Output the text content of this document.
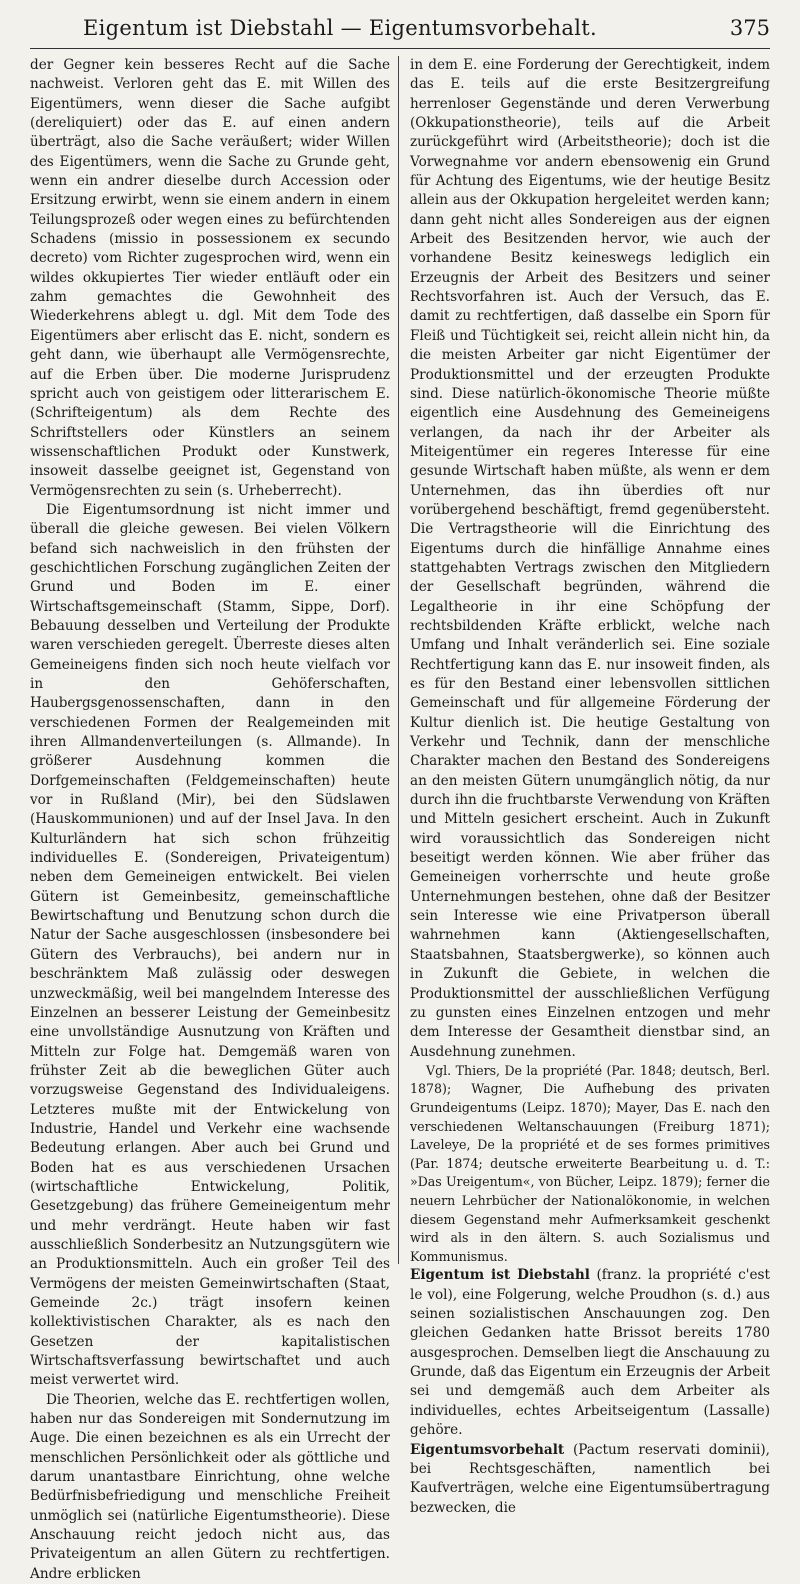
Eigentum ist Diebstahl — Eigentumsvorbehalt.	375

der Gegner kein besseres Recht auf die Sache nachweist. Verloren geht das E. mit Willen des Eigentümers, wenn dieser die Sache aufgibt (dereliquiert) oder das E. auf einen andern überträgt, also die Sache veräußert; wider Willen des Eigentümers, wenn die Sache zu Grunde geht, wenn ein andrer dieselbe durch Accession oder Ersitzung erwirbt, wenn sie einem andern in einem Teilungsprozeß oder wegen eines zu befürchtenden Schadens (missio in possessionem ex secundo decreto) vom Richter zugesprochen wird, wenn ein wildes okkupiertes Tier wieder entläuft oder ein zahm gemachtes die Gewohnheit des Wiederkehrens ablegt u. dgl. Mit dem Tode des Eigentümers aber erlischt das E. nicht, sondern es geht dann, wie überhaupt alle Vermögensrechte, auf die Erben über. Die moderne Jurisprudenz spricht auch von geistigem oder litterarischem E. (Schrifteigentum) als dem Rechte des Schriftstellers oder Künstlers an seinem wissenschaftlichen Produkt oder Kunstwerk, insoweit dasselbe geeignet ist, Gegenstand von Vermögensrechten zu sein (s. Urheberrecht).

Die Eigentumsordnung ist nicht immer und überall die gleiche gewesen. Bei vielen Völkern befand sich nachweislich in den frühsten der geschichtlichen Forschung zugänglichen Zeiten der Grund und Boden im E. einer Wirtschaftsgemeinschaft (Stamm, Sippe, Dorf). Bebauung desselben und Verteilung der Produkte waren verschieden geregelt. Überreste dieses alten Gemeineigens finden sich noch heute vielfach vor in den Gehöferschaften, Haubergsgenossenschaften, dann in den verschiedenen Formen der Realgemeinden mit ihren Allmandenverteilungen (s. Allmande). In größerer Ausdehnung kommen die Dorfgemeinschaften (Feldgemeinschaften) heute vor in Rußland (Mir), bei den Südslawen (Hauskommunionen) und auf der Insel Java. In den Kulturländern hat sich schon frühzeitig individuelles E. (Sondereigen, Privateigentum) neben dem Gemeineigen entwickelt. Bei vielen Gütern ist Gemeinbesitz, gemeinschaftliche Bewirtschaftung und Benutzung schon durch die Natur der Sache ausgeschlossen (insbesondere bei Gütern des Verbrauchs), bei andern nur in beschränktem Maß zulässig oder deswegen unzweckmäßig, weil bei mangelndem Interesse des Einzelnen an besserer Leistung der Gemeinbesitz eine unvollständige Ausnutzung von Kräften und Mitteln zur Folge hat. Demgemäß waren von frühster Zeit ab die beweglichen Güter auch vorzugsweise Gegenstand des Individualeigens. Letzteres mußte mit der Entwickelung von Industrie, Handel und Verkehr eine wachsende Bedeutung erlangen. Aber auch bei Grund und Boden hat es aus verschiedenen Ursachen (wirtschaftliche Entwickelung, Politik, Gesetzgebung) das frühere Gemeineigentum mehr und mehr verdrängt. Heute haben wir fast ausschließlich Sonderbesitz an Nutzungsgütern wie an Produktionsmitteln. Auch ein großer Teil des Vermögens der meisten Gemeinwirtschaften (Staat, Gemeinde 2c.) trägt insofern keinen kollektivistischen Charakter, als es nach den Gesetzen der kapitalistischen Wirtschaftsverfassung bewirtschaftet und auch meist verwertet wird.

Die Theorien, welche das E. rechtfertigen wollen, haben nur das Sondereigen mit Sondernutzung im Auge. Die einen bezeichnen es als ein Urrecht der menschlichen Persönlichkeit oder als göttliche und darum unantastbare Einrichtung, ohne welche Bedürfnisbefriedigung und menschliche Freiheit unmöglich sei (natürliche Eigentumstheorie). Diese Anschauung reicht jedoch nicht aus, das Privateigentum an allen Gütern zu rechtfertigen. Andre erblicken

in dem E. eine Forderung der Gerechtigkeit, indem das E. teils auf die erste Besitzergreifung herrenloser Gegenstände und deren Verwerbung (Okkupationstheorie), teils auf die Arbeit zurückgeführt wird (Arbeitstheorie); doch ist die Vorwegnahme vor andern ebensowenig ein Grund für Achtung des Eigentums, wie der heutige Besitz allein aus der Okkupation hergeleitet werden kann; dann geht nicht alles Sondereigen aus der eignen Arbeit des Besitzenden hervor, wie auch der vorhandene Besitz keineswegs lediglich ein Erzeugnis der Arbeit des Besitzers und seiner Rechtsvorfahren ist. Auch der Versuch, das E. damit zu rechtfertigen, daß dasselbe ein Sporn für Fleiß und Tüchtigkeit sei, reicht allein nicht hin, da die meisten Arbeiter gar nicht Eigentümer der Produktionsmittel und der erzeugten Produkte sind. Diese natürlich-ökonomische Theorie müßte eigentlich eine Ausdehnung des Gemeineigens verlangen, da nach ihr der Arbeiter als Miteigentümer ein regeres Interesse für eine gesunde Wirtschaft haben müßte, als wenn er dem Unternehmen, das ihn überdies oft nur vorübergehend beschäftigt, fremd gegenübersteht. Die Vertragstheorie will die Einrichtung des Eigentums durch die hinfällige Annahme eines stattgehabten Vertrags zwischen den Mitgliedern der Gesellschaft begründen, während die Legaltheorie in ihr eine Schöpfung der rechtsbildenden Kräfte erblickt, welche nach Umfang und Inhalt veränderlich sei. Eine soziale Rechtfertigung kann das E. nur insoweit finden, als es für den Bestand einer lebensvollen sittlichen Gemeinschaft und für allgemeine Förderung der Kultur dienlich ist. Die heutige Gestaltung von Verkehr und Technik, dann der menschliche Charakter machen den Bestand des Sondereigens an den meisten Gütern unumgänglich nötig, da nur durch ihn die fruchtbarste Verwendung von Kräften und Mitteln gesichert erscheint. Auch in Zukunft wird voraussichtlich das Sondereigen nicht beseitigt werden können. Wie aber früher das Gemeineigen vorherrschte und heute große Unternehmungen bestehen, ohne daß der Besitzer sein Interesse wie eine Privatperson überall wahrnehmen kann (Aktiengesellschaften, Staatsbahnen, Staatsbergwerke), so können auch in Zukunft die Gebiete, in welchen die Produktionsmittel der ausschließlichen Verfügung zu gunsten eines Einzelnen entzogen und mehr dem Interesse der Gesamtheit dienstbar sind, an Ausdehnung zunehmen.

Vgl. Thiers, De la propriété (Par. 1848; deutsch, Berl. 1878); Wagner, Die Aufhebung des privaten Grundeigentums (Leipz. 1870); Mayer, Das E. nach den verschiedenen Weltanschauungen (Freiburg 1871); Laveleye, De la propriété et de ses formes primitives (Par. 1874; deutsche erweiterte Bearbeitung u. d. T.: »Das Ureigentum«, von Bücher, Leipz. 1879); ferner die neuern Lehrbücher der Nationalökonomie, in welchen diesem Gegenstand mehr Aufmerksamkeit geschenkt wird als in den ältern. S. auch Sozialismus und Kommunismus.

Eigentum ist Diebstahl (franz. la propriété c'est le vol), eine Folgerung, welche Proudhon (s. d.) aus seinen sozialistischen Anschauungen zog. Den gleichen Gedanken hatte Brissot bereits 1780 ausgesprochen. Demselben liegt die Anschauung zu Grunde, daß das Eigentum ein Erzeugnis der Arbeit sei und demgemäß auch dem Arbeiter als individuelles, echtes Arbeitseigentum (Lassalle) gehöre.

Eigentumsvorbehalt (Pactum reservati dominii), bei Rechtsgeschäften, namentlich bei Kaufverträgen, welche eine Eigentumsübertragung bezwecken, die
